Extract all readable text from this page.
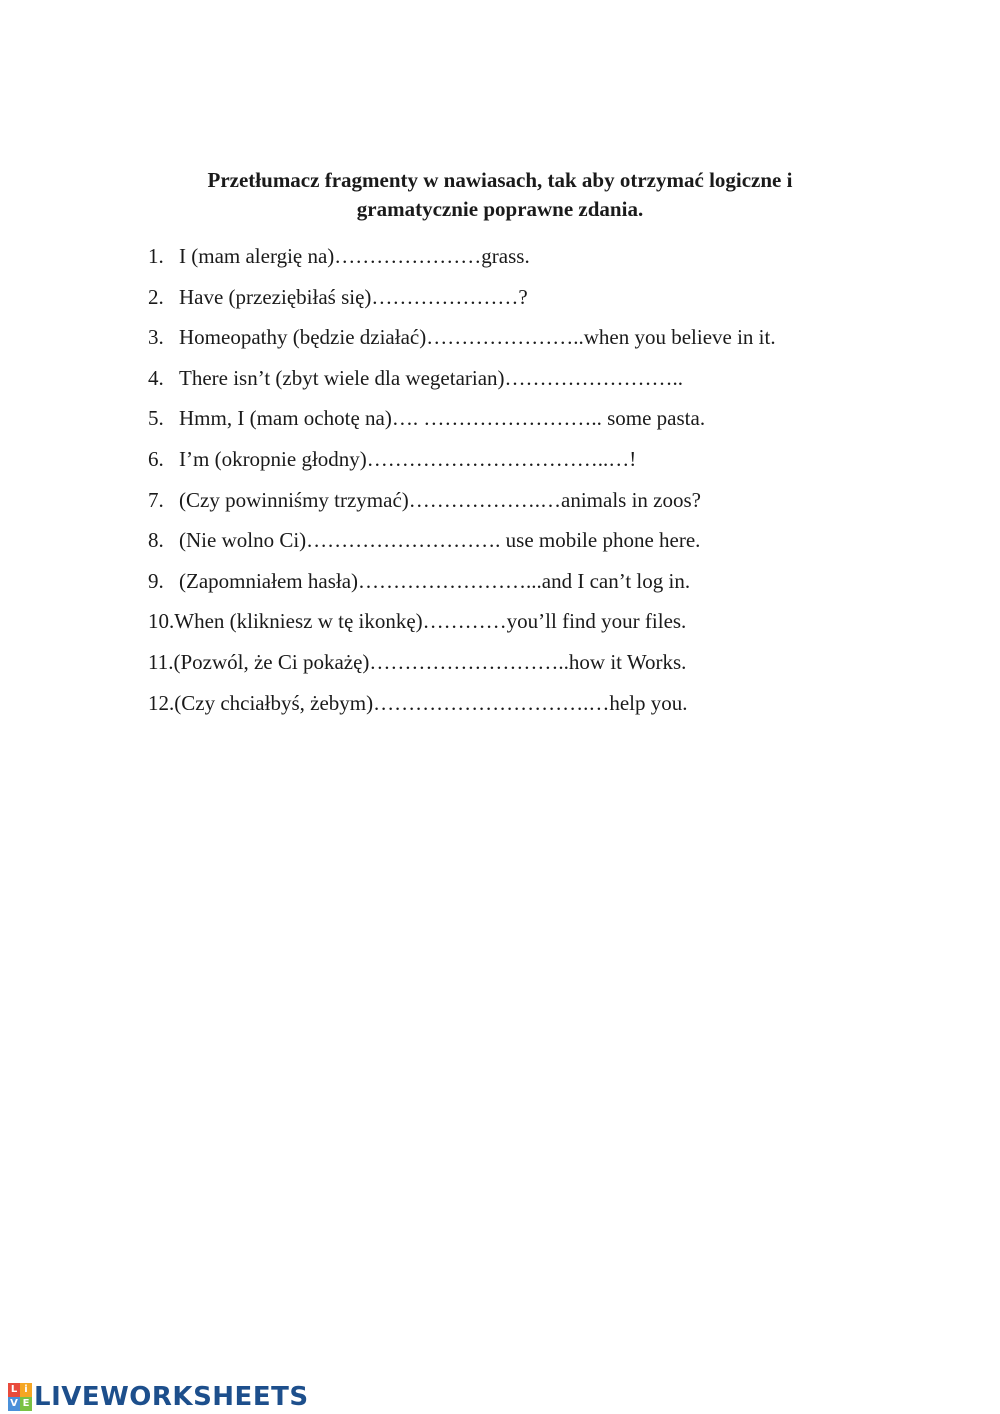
Przetłumacz fragmenty w nawiasach, tak aby otrzymać logiczne i
gramatycznie poprawne zdania.
1. I (mam alergię na)…………………grass.
2. Have (przeziębiłaś się)…………………?
3. Homeopathy (będzie działać)…………………..when you believe in it.
4. There isn’t (zbyt wiele dla wegetarian)……………………..
5. Hmm, I (mam ochotę na)…. …………………….. some pasta.
6. I’m (okropnie głodny)……………………………..…!
7. (Czy powinniśmy trzymać)……………….…animals in zoos?
8. (Nie wolno Ci)………………………. use mobile phone here.
9. (Zapomniałem hasła)……………………...and I can’t log in.
10. When (klikniesz w tę ikonkę)…………you’ll find your files.
11. (Pozwól, że Ci pokażę)………………………..how it Works.
12. (Czy chciałbyś, żebym)………………………….…help you.
L i
V E LIVEWORKSHEETS
